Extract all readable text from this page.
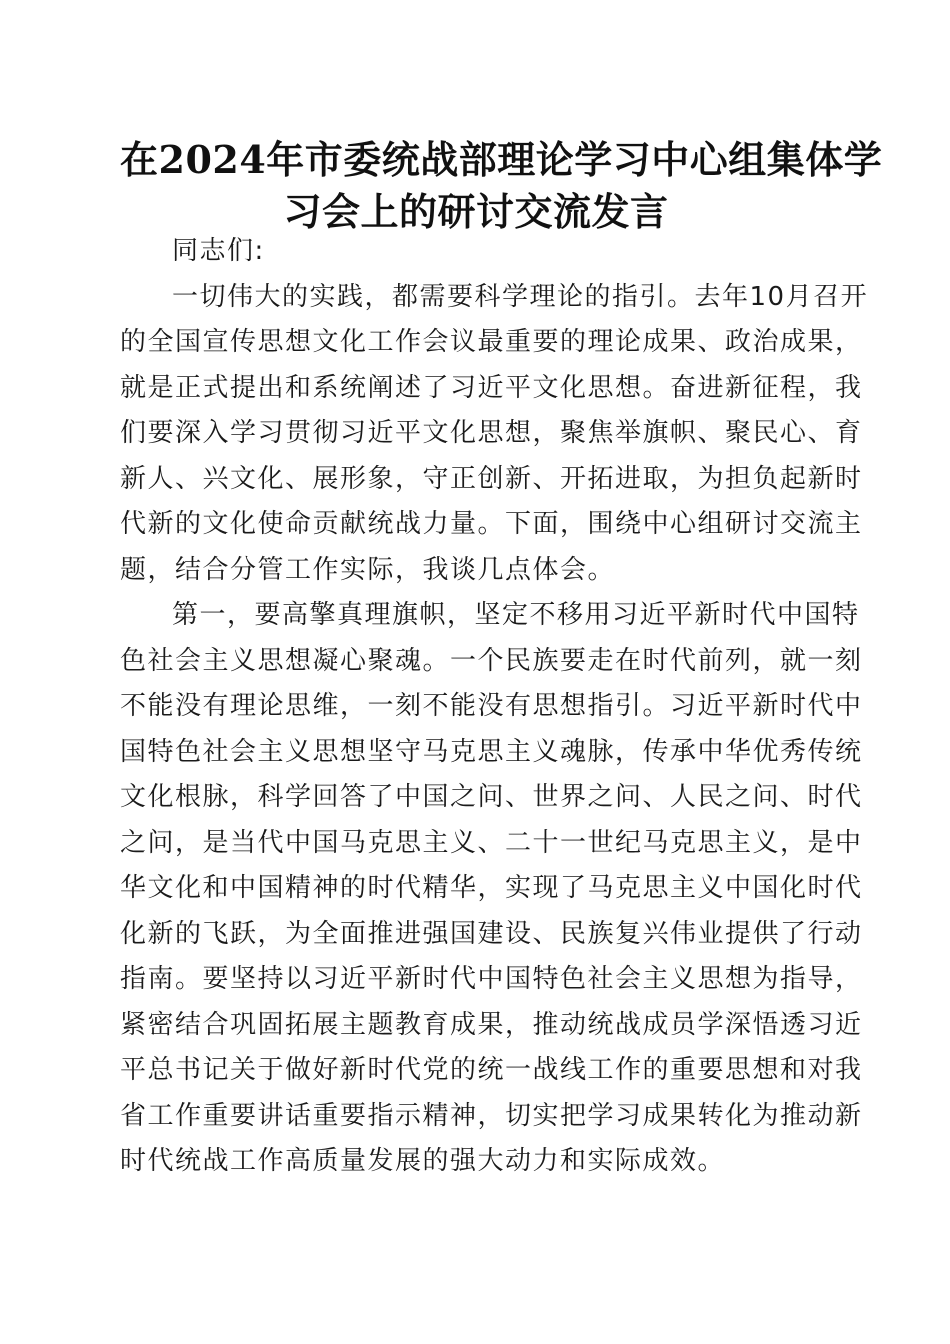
在2024年市委统战部理论学习中心组集体学
习会上的研讨交流发言
同志们:
一切伟大的实践，都需要科学理论的指引。去年10月召开
的全国宣传思想文化工作会议最重要的理论成果、政治成果，
就是正式提出和系统阐述了习近平文化思想。奋进新征程，我
们要深入学习贯彻习近平文化思想，聚焦举旗帜、聚民心、育
新人、兴文化、展形象，守正创新、开拓进取，为担负起新时
代新的文化使命贡献统战力量。下面，围绕中心组研讨交流主
题，结合分管工作实际，我谈几点体会。
第一，要高擎真理旗帜，坚定不移用习近平新时代中国特
色社会主义思想凝心聚魂。一个民族要走在时代前列，就一刻
不能没有理论思维，一刻不能没有思想指引。习近平新时代中
国特色社会主义思想坚守马克思主义魂脉，传承中华优秀传统
文化根脉，科学回答了中国之问、世界之问、人民之问、时代
之问，是当代中国马克思主义、二十一世纪马克思主义，是中
华文化和中国精神的时代精华，实现了马克思主义中国化时代
化新的飞跃，为全面推进强国建设、民族复兴伟业提供了行动
指南。要坚持以习近平新时代中国特色社会主义思想为指导，
紧密结合巩固拓展主题教育成果，推动统战成员学深悟透习近
平总书记关于做好新时代党的统一战线工作的重要思想和对我
省工作重要讲话重要指示精神，切实把学习成果转化为推动新
时代统战工作高质量发展的强大动力和实际成效。
